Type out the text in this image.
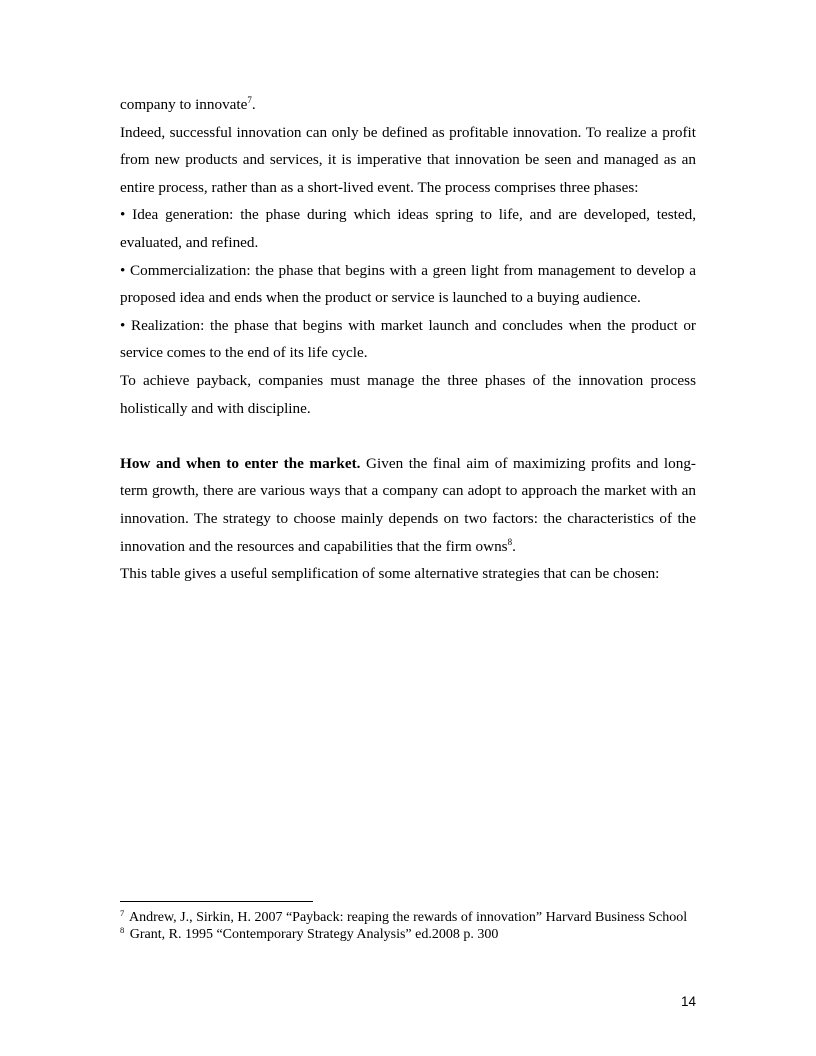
company to innovate$^7$.

Indeed, successful innovation can only be defined as profitable innovation. To realize a profit from new products and services, it is imperative that innovation be seen and managed as an entire process, rather than as a short-lived event. The process comprises three phases:

• Idea generation: the phase during which ideas spring to life, and are developed, tested, evaluated, and refined.

• Commercialization: the phase that begins with a green light from management to develop a proposed idea and ends when the product or service is launched to a buying audience.

• Realization: the phase that begins with market launch and concludes when the product or service comes to the end of its life cycle.

To achieve payback, companies must manage the three phases of the innovation process holistically and with discipline.

How and when to enter the market. Given the final aim of maximizing profits and long-term growth, there are various ways that a company can adopt to approach the market with an innovation. The strategy to choose mainly depends on two factors: the characteristics of the innovation and the resources and capabilities that the firm owns$^8$.

This table gives a useful semplification of some alternative strategies that can be chosen:

$^7$ Andrew, J., Sirkin, H. 2007 “Payback: reaping the rewards of innovation” Harvard Business School

$^8$ Grant, R. 1995 “Contemporary Strategy Analysis” ed.2008 p. 300

14
